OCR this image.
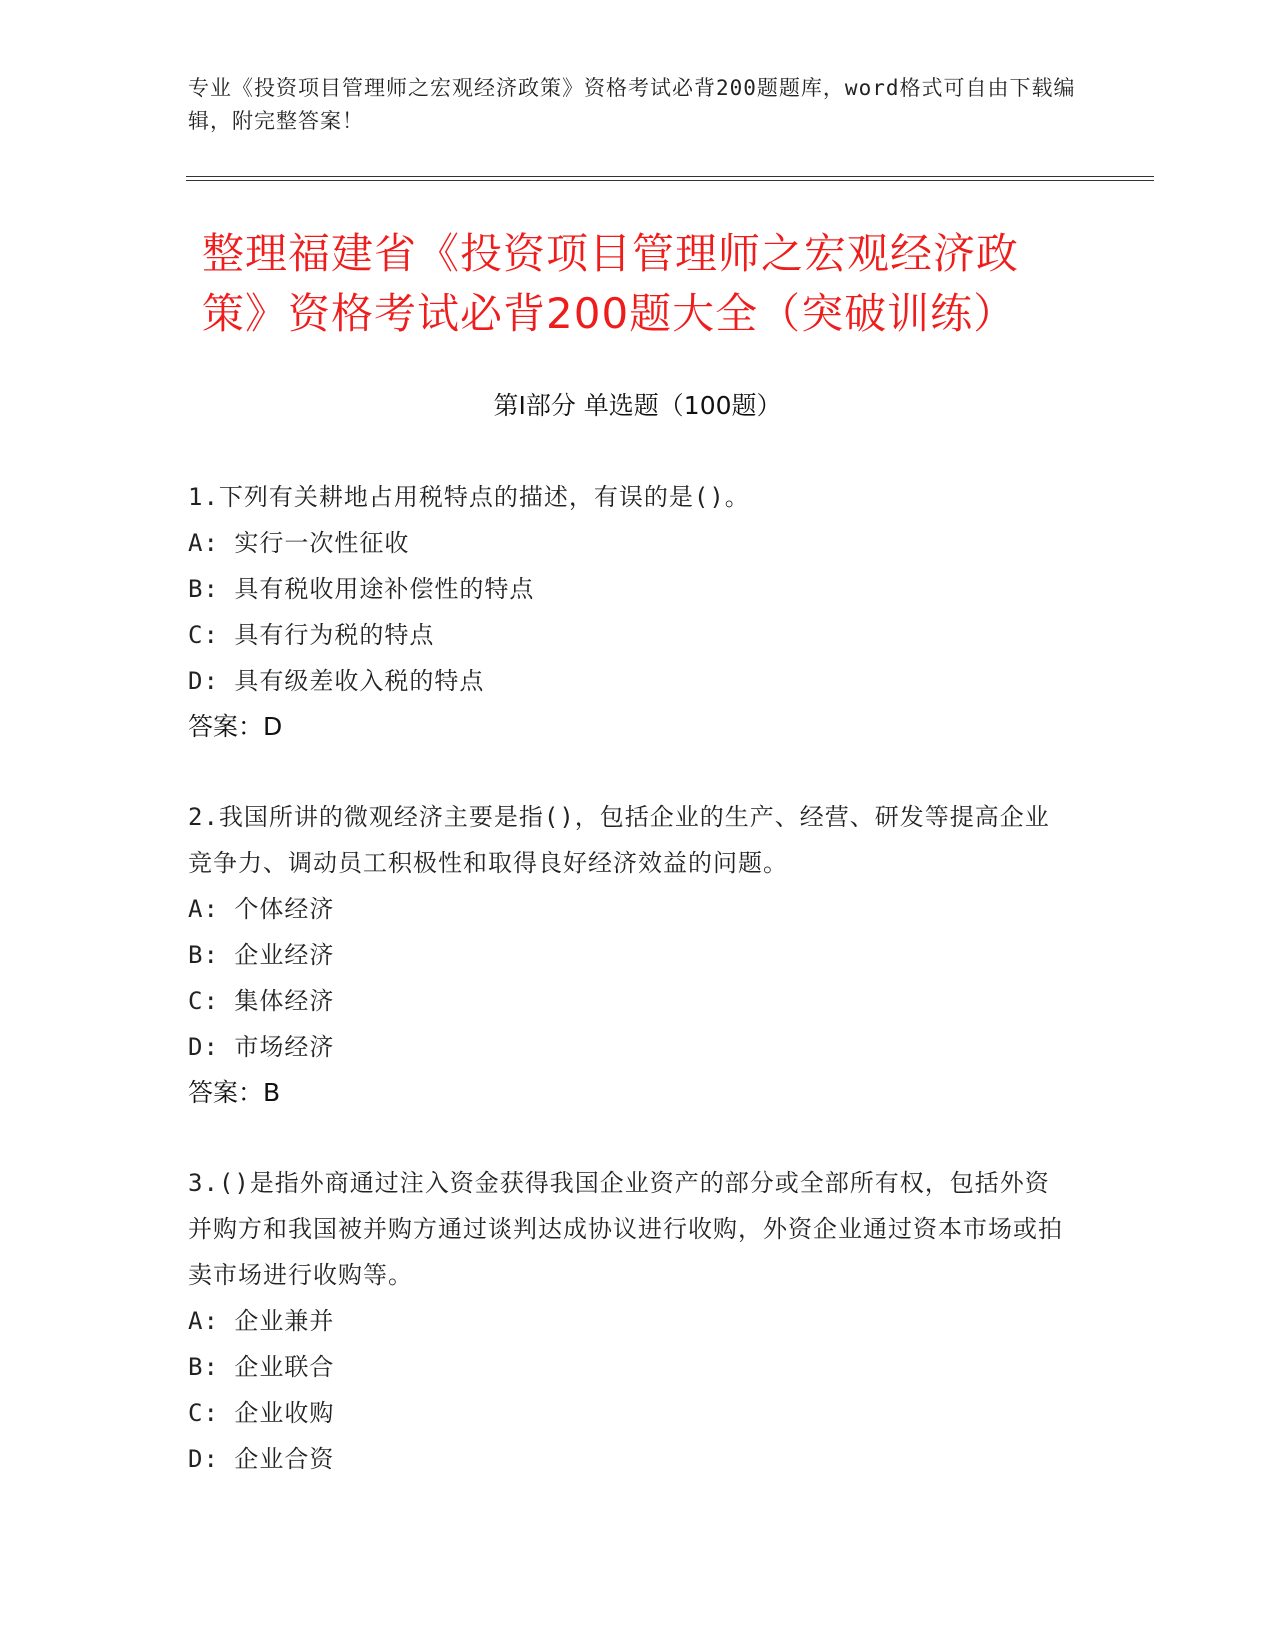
专业《投资项目管理师之宏观经济政策》资格考试必背200题题库，word格式可自由下载编辑，附完整答案！
整理福建省《投资项目管理师之宏观经济政策》资格考试必背200题大全（突破训练）
第Ⅰ部分 单选题（100题）
1.下列有关耕地占用税特点的描述，有误的是()。
A: 实行一次性征收
B: 具有税收用途补偿性的特点
C: 具有行为税的特点
D: 具有级差收入税的特点
答案：D
2.我国所讲的微观经济主要是指()，包括企业的生产、经营、研发等提高企业竞争力、调动员工积极性和取得良好经济效益的问题。
A: 个体经济
B: 企业经济
C: 集体经济
D: 市场经济
答案：B
3.()是指外商通过注入资金获得我国企业资产的部分或全部所有权，包括外资并购方和我国被并购方通过谈判达成协议进行收购，外资企业通过资本市场或拍卖市场进行收购等。
A: 企业兼并
B: 企业联合
C: 企业收购
D: 企业合资
